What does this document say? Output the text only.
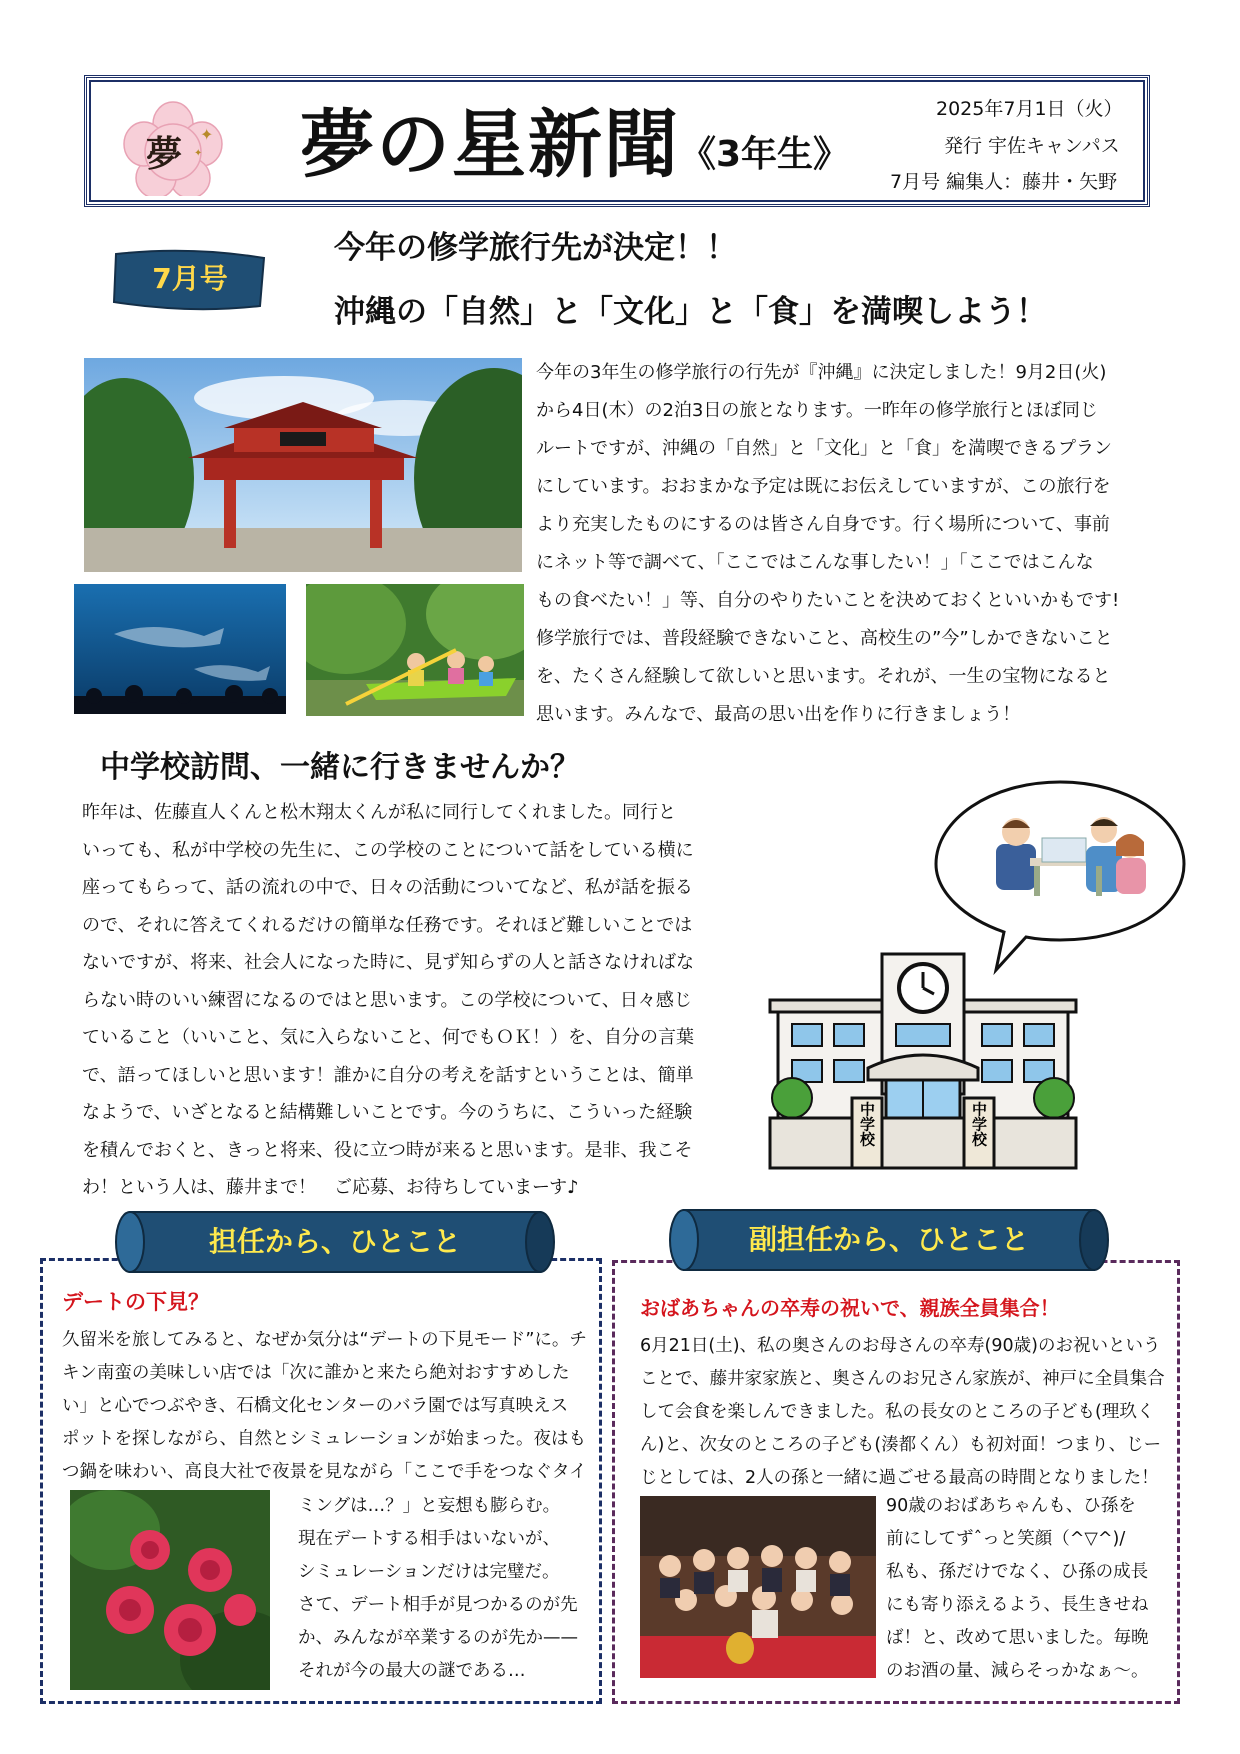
夢 ✦
✦ 夢の星新聞 《3年生》
2025年7月1日（火）
発行 宇佐キャンパス
7月号 編集人：藤井・矢野
7月号
今年の修学旅行先が決定！！
沖縄の「自然」と「文化」と「食」を満喫しよう！
今年の3年生の修学旅行の行先が『沖縄』に決定しました！9月2日(火)
から4日(木）の2泊3日の旅となります。一昨年の修学旅行とほぼ同じ
ルートですが、沖縄の「自然」と「文化」と「食」を満喫できるプラン
にしています。おおまかな予定は既にお伝えしていますが、この旅行を
より充実したものにするのは皆さん自身です。行く場所について、事前
にネット等で調べて、「ここではこんな事したい！」「ここではこんな
もの食べたい！」等、自分のやりたいことを決めておくといいかもです!
修学旅行では、普段経験できないこと、高校生の”今”しかできないこと
を、たくさん経験して欲しいと思います。それが、一生の宝物になると
思います。みんなで、最高の思い出を作りに行きましょう！
中学校訪問、一緒に行きませんか？
昨年は、佐藤直人くんと松木翔太くんが私に同行してくれました。同行と
いっても、私が中学校の先生に、この学校のことについて話をしている横に
座ってもらって、話の流れの中で、日々の活動についてなど、私が話を振る
ので、それに答えてくれるだけの簡単な任務です。それほど難しいことでは
ないですが、将来、社会人になった時に、見ず知らずの人と話さなければな
らない時のいい練習になるのではと思います。この学校について、日々感じ
ていること（いいこと、気に入らないこと、何でもＯＫ！）を、自分の言葉
で、語ってほしいと思います！誰かに自分の考えを話すということは、簡単
なようで、いざとなると結構難しいことです。今のうちに、こういった経験
を積んでおくと、きっと将来、役に立つ時が来ると思います。是非、我こそ
わ！という人は、藤井まで！　ご応募、お待ちしていまーす♪
中学校	中学校
担任から、ひとこと
デートの下見？
久留米を旅してみると、なぜか気分は“デートの下見モード”に。チ
キン南蛮の美味しい店では「次に誰かと来たら絶対おすすめした
い」と心でつぶやき、石橋文化センターのバラ園では写真映えス
ポットを探しながら、自然とシミュレーションが始まった。夜はも
つ鍋を味わい、高良大社で夜景を見ながら「ここで手をつなぐタイ
ミングは…？」と妄想も膨らむ。
現在デートする相手はいないが、
シミュレーションだけは完璧だ。
さて、デート相手が見つかるのが先
か、みんなが卒業するのが先か——
それが今の最大の謎である…
副担任から、ひとこと
おばあちゃんの卒寿の祝いで、親族全員集合！
6月21日(土)、私の奥さんのお母さんの卒寿(90歳)のお祝いという
ことで、藤井家家族と、奥さんのお兄さん家族が、神戸に全員集合
して会食を楽しんできました。私の長女のところの子ども(理玖く
ん)と、次女のところの子ども(湊都くん）も初対面！つまり、じー
じとしては、2人の孫と一緒に過ごせる最高の時間となりました！
90歳のおばあちゃんも、ひ孫を
前にしてずˆっと笑顔（^▽^)/
私も、孫だけでなく、ひ孫の成長
にも寄り添えるよう、長生きせね
ば！と、改めて思いました。毎晩
のお酒の量、減らそっかなぁ〜。
